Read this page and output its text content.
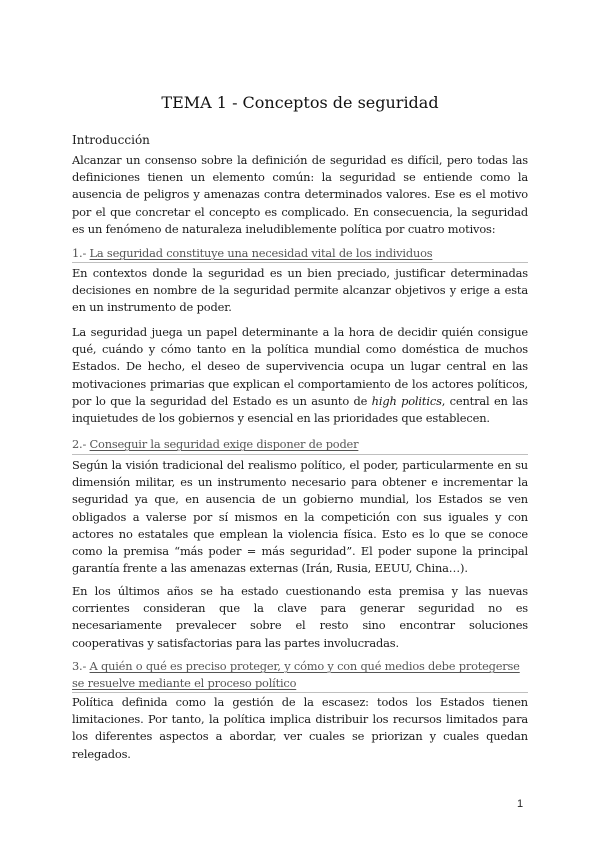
TEMA 1 - Conceptos de seguridad

Introducción

Alcanzar un consenso sobre la definición de seguridad es difícil, pero todas las definiciones tienen un elemento común: la seguridad se entiende como la ausencia de peligros y amenazas contra determinados valores. Ese es el motivo por el que concretar el concepto es complicado. En consecuencia, la seguridad es un fenómeno de naturaleza ineludiblemente política por cuatro motivos:

1.- La seguridad constituye una necesidad vital de los individuos

En contextos donde la seguridad es un bien preciado, justificar determinadas decisiones en nombre de la seguridad permite alcanzar objetivos y erige a esta en un instrumento de poder.

La seguridad juega un papel determinante a la hora de decidir quién consigue qué, cuándo y cómo tanto en la política mundial como doméstica de muchos Estados. De hecho, el deseo de supervivencia ocupa un lugar central en las motivaciones primarias que explican el comportamiento de los actores políticos, por lo que la seguridad del Estado es un asunto de high politics, central en las inquietudes de los gobiernos y esencial en las prioridades que establecen.

2.- Conseguir la seguridad exige disponer de poder

Según la visión tradicional del realismo político, el poder, particularmente en su dimensión militar, es un instrumento necesario para obtener e incrementar la seguridad ya que, en ausencia de un gobierno mundial, los Estados se ven obligados a valerse por sí mismos en la competición con sus iguales y con actores no estatales que emplean la violencia física. Esto es lo que se conoce como la premisa “más poder = más seguridad”. El poder supone la principal garantía frente a las amenazas externas (Irán, Rusia, EEUU, China…).

En los últimos años se ha estado cuestionando esta premisa y las nuevas corrientes consideran que la clave para generar seguridad no es necesariamente prevalecer sobre el resto sino encontrar soluciones cooperativas y satisfactorias para las partes involucradas.

3.- A quién o qué es preciso proteger, y cómo y con qué medios debe protegerse se resuelve mediante el proceso político

Política definida como la gestión de la escasez: todos los Estados tienen limitaciones. Por tanto, la política implica distribuir los recursos limitados para los diferentes aspectos a abordar, ver cuales se priorizan y cuales quedan relegados.

1
